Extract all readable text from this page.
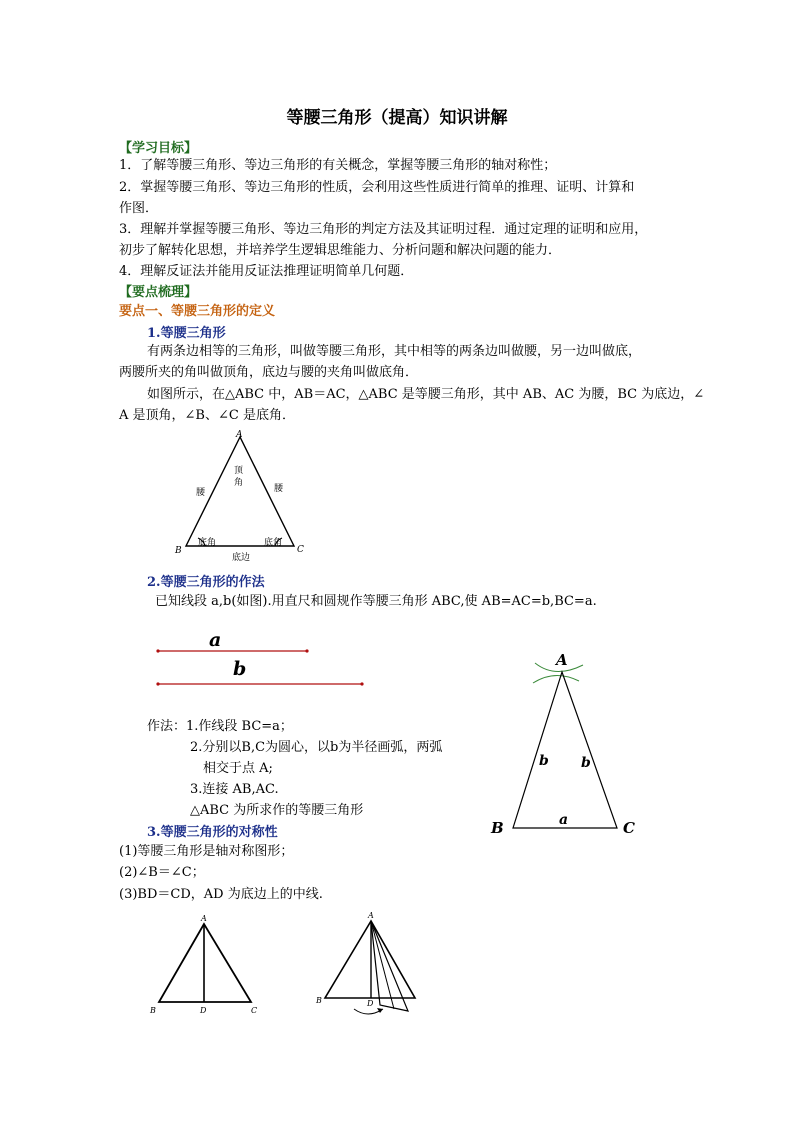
等腰三角形（提高）知识讲解
【学习目标】
1．了解等腰三角形、等边三角形的有关概念，掌握等腰三角形的轴对称性；
2．掌握等腰三角形、等边三角形的性质，会利用这些性质进行简单的推理、证明、计算和
作图．
3．理解并掌握等腰三角形、等边三角形的判定方法及其证明过程．通过定理的证明和应用，
初步了解转化思想，并培养学生逻辑思维能力、分析问题和解决问题的能力．
4．理解反证法并能用反证法推理证明简单几何题．
【要点梳理】
要点一、等腰三角形的定义
1.等腰三角形
有两条边相等的三角形，叫做等腰三角形，其中相等的两条边叫做腰，另一边叫做底，
两腰所夹的角叫做顶角，底边与腰的夹角叫做底角．
如图所示，在△ABC 中，AB＝AC，△ABC 是等腰三角形，其中 AB、AC 为腰，BC 为底边，∠
A 是顶角，∠B、∠C 是底角．
A
顶
角
腰	腰
B	C
底角	底角
底边
2.等腰三角形的作法
已知线段 a,b(如图).用直尺和圆规作等腰三角形 ABC,使 AB=AC=b,BC=a.
a
b
作法：1.作线段 BC=a；
2.分别以B,C为圆心，以b为半径画弧，两弧
相交于点 A;
3.连接 AB,AC.
△ABC 为所求作的等腰三角形
A
B	C
b b
a
3.等腰三角形的对称性
(1)等腰三角形是轴对称图形；
(2)∠B＝∠C；
(3)BD＝CD，AD 为底边上的中线.
A
B	D	C
A
B	D
